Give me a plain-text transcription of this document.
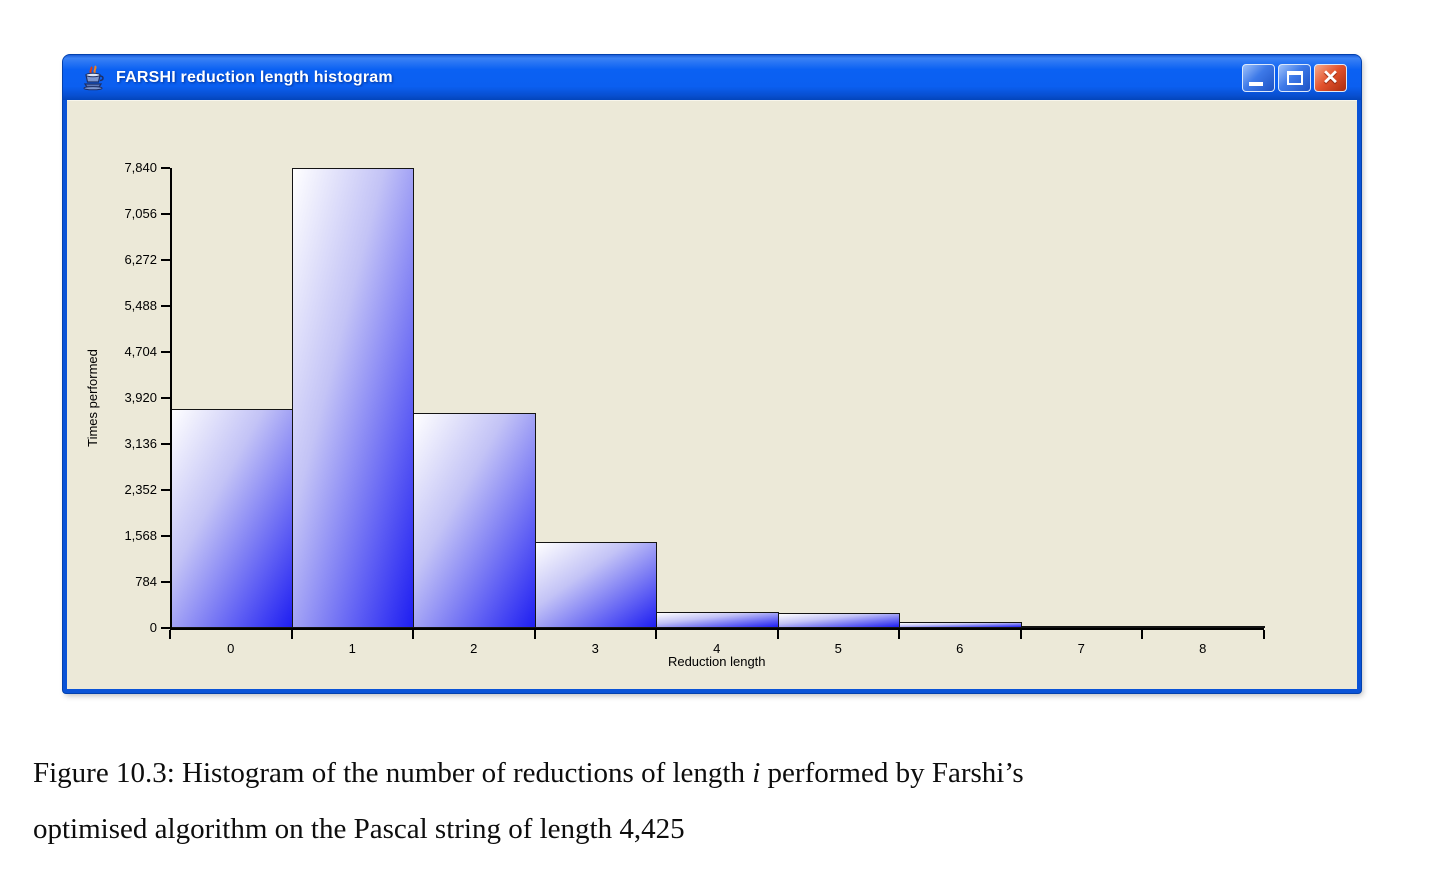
FARSHI reduction length histogram	✕
Times performed
0
784
1,568
2,352
3,136
3,920
4,704
5,488
6,272
7,056
7,840
0	1	2	3	4	5	6	7	8
Reduction length
Figure 10.3: Histogram of the number of reductions of length i performed by Farshi’s
optimised algorithm on the Pascal string of length 4,425
